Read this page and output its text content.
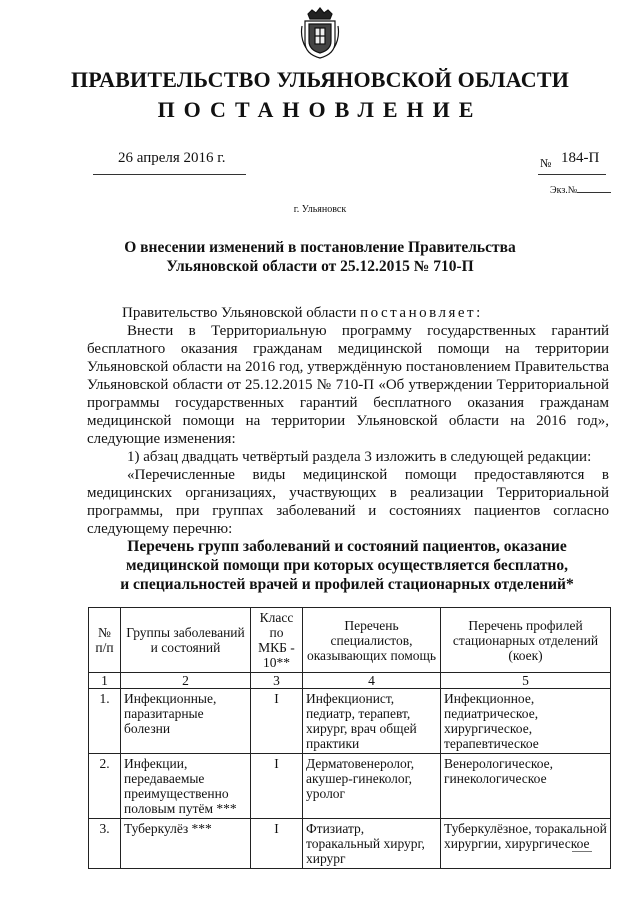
ПРАВИТЕЛЬСТВО УЛЬЯНОВСКОЙ ОБЛАСТИ
ПОСТАНОВЛЕНИЕ
26 апреля 2016 г.	№ 184-П
Экз.№
г. Ульяновск
О внесении изменений в постановление Правительства
Ульяновской области от 25.12.2015 № 710-П

Правительство Ульяновской области постановляет:

Внести в Территориальную программу государственных гарантий бесплатного оказания гражданам медицинской помощи на территории Ульяновской области на 2016 год, утверждённую постановлением Правительства Ульяновской области от 25.12.2015 № 710-П «Об утверждении Территориальной программы государственных гарантий бесплатного оказания гражданам медицинской помощи на территории Ульяновской области на 2016 год», следующие изменения:

1) абзац двадцать четвёртый раздела 3 изложить в следующей редакции:

«Перечисленные виды медицинской помощи предоставляются в медицинских организациях, участвующих в реализации Территориальной программы, при группах заболеваний и состояниях пациентов согласно следующему перечню:

Перечень групп заболеваний и состояний пациентов, оказание
медицинской помощи при которых осуществляется бесплатно,
и специальностей врачей и профилей стационарных отделений*
№ п/п	Группы заболеваний и состояний	Класс по МКБ - 10**	Перечень специалистов, оказывающих помощь	Перечень профилей стационарных отделений (коек)
1	2	3	4	5
1.	Инфекционные, паразитарные болезни	I	Инфекционист, педиатр, терапевт, хирург, врач общей практики	Инфекционное, педиатрическое, хирургическое, терапевтическое
2.	Инфекции, передаваемые преимущественно половым путём ***	I	Дерматовенеролог, акушер-гинеколог, уролог	Венерологическое, гинекологическое
3.	Туберкулёз ***	I	Фтизиатр, торакальный хирург, хирург	Туберкулёзное, торакальной хирургии, хирургическое
